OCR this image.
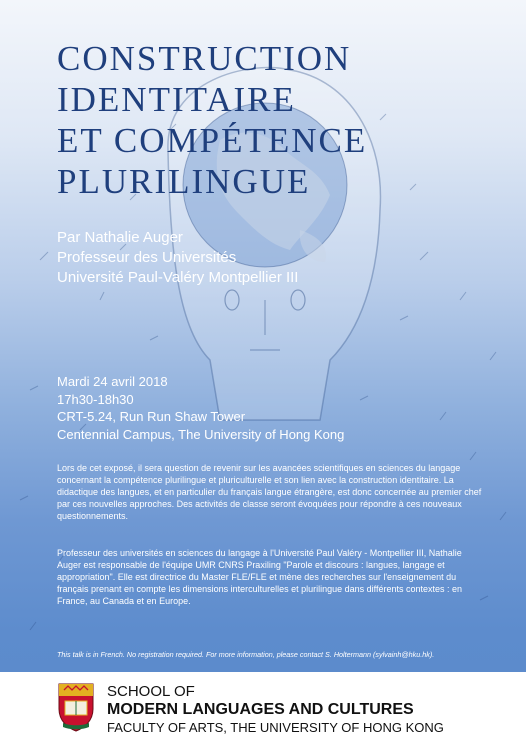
CONSTRUCTION
IDENTITAIRE
ET COMPÉTENCE
PLURILINGUE
Par Nathalie Auger
Professeur des Universités
Université Paul-Valéry Montpellier III
Mardi 24 avril 2018
17h30-18h30
CRT-5.24, Run Run Shaw Tower
Centennial Campus, The University of Hong Kong

Lors de cet exposé, il sera question de revenir sur les avancées scientifiques en sciences du langage concernant la compétence plurilingue et pluriculturelle et son lien avec la construction identitaire. La didactique des langues, et en particulier du français langue étrangère, est donc concernée au premier chef par ces nouvelles approches. Des activités de classe seront évoquées pour répondre à ces nouveaux questionnements.

Professeur des universités en sciences du langage à l'Université Paul Valéry - Montpellier III, Nathalie Auger est responsable de l'équipe UMR CNRS Praxiling "Parole et discours : langues, langage et appropriation". Elle est directrice du Master FLE/FLE et mène des recherches sur l'enseignement du français prenant en compte les dimensions interculturelles et plurilingue dans différents contextes : en France, au Canada et en Europe.

This talk is in French. No registration required. For more information, please contact S. Holtermann (sylvainh@hku.hk).
SCHOOL OF
MODERN LANGUAGES AND CULTURES
FACULTY OF ARTS, THE UNIVERSITY OF HONG KONG
